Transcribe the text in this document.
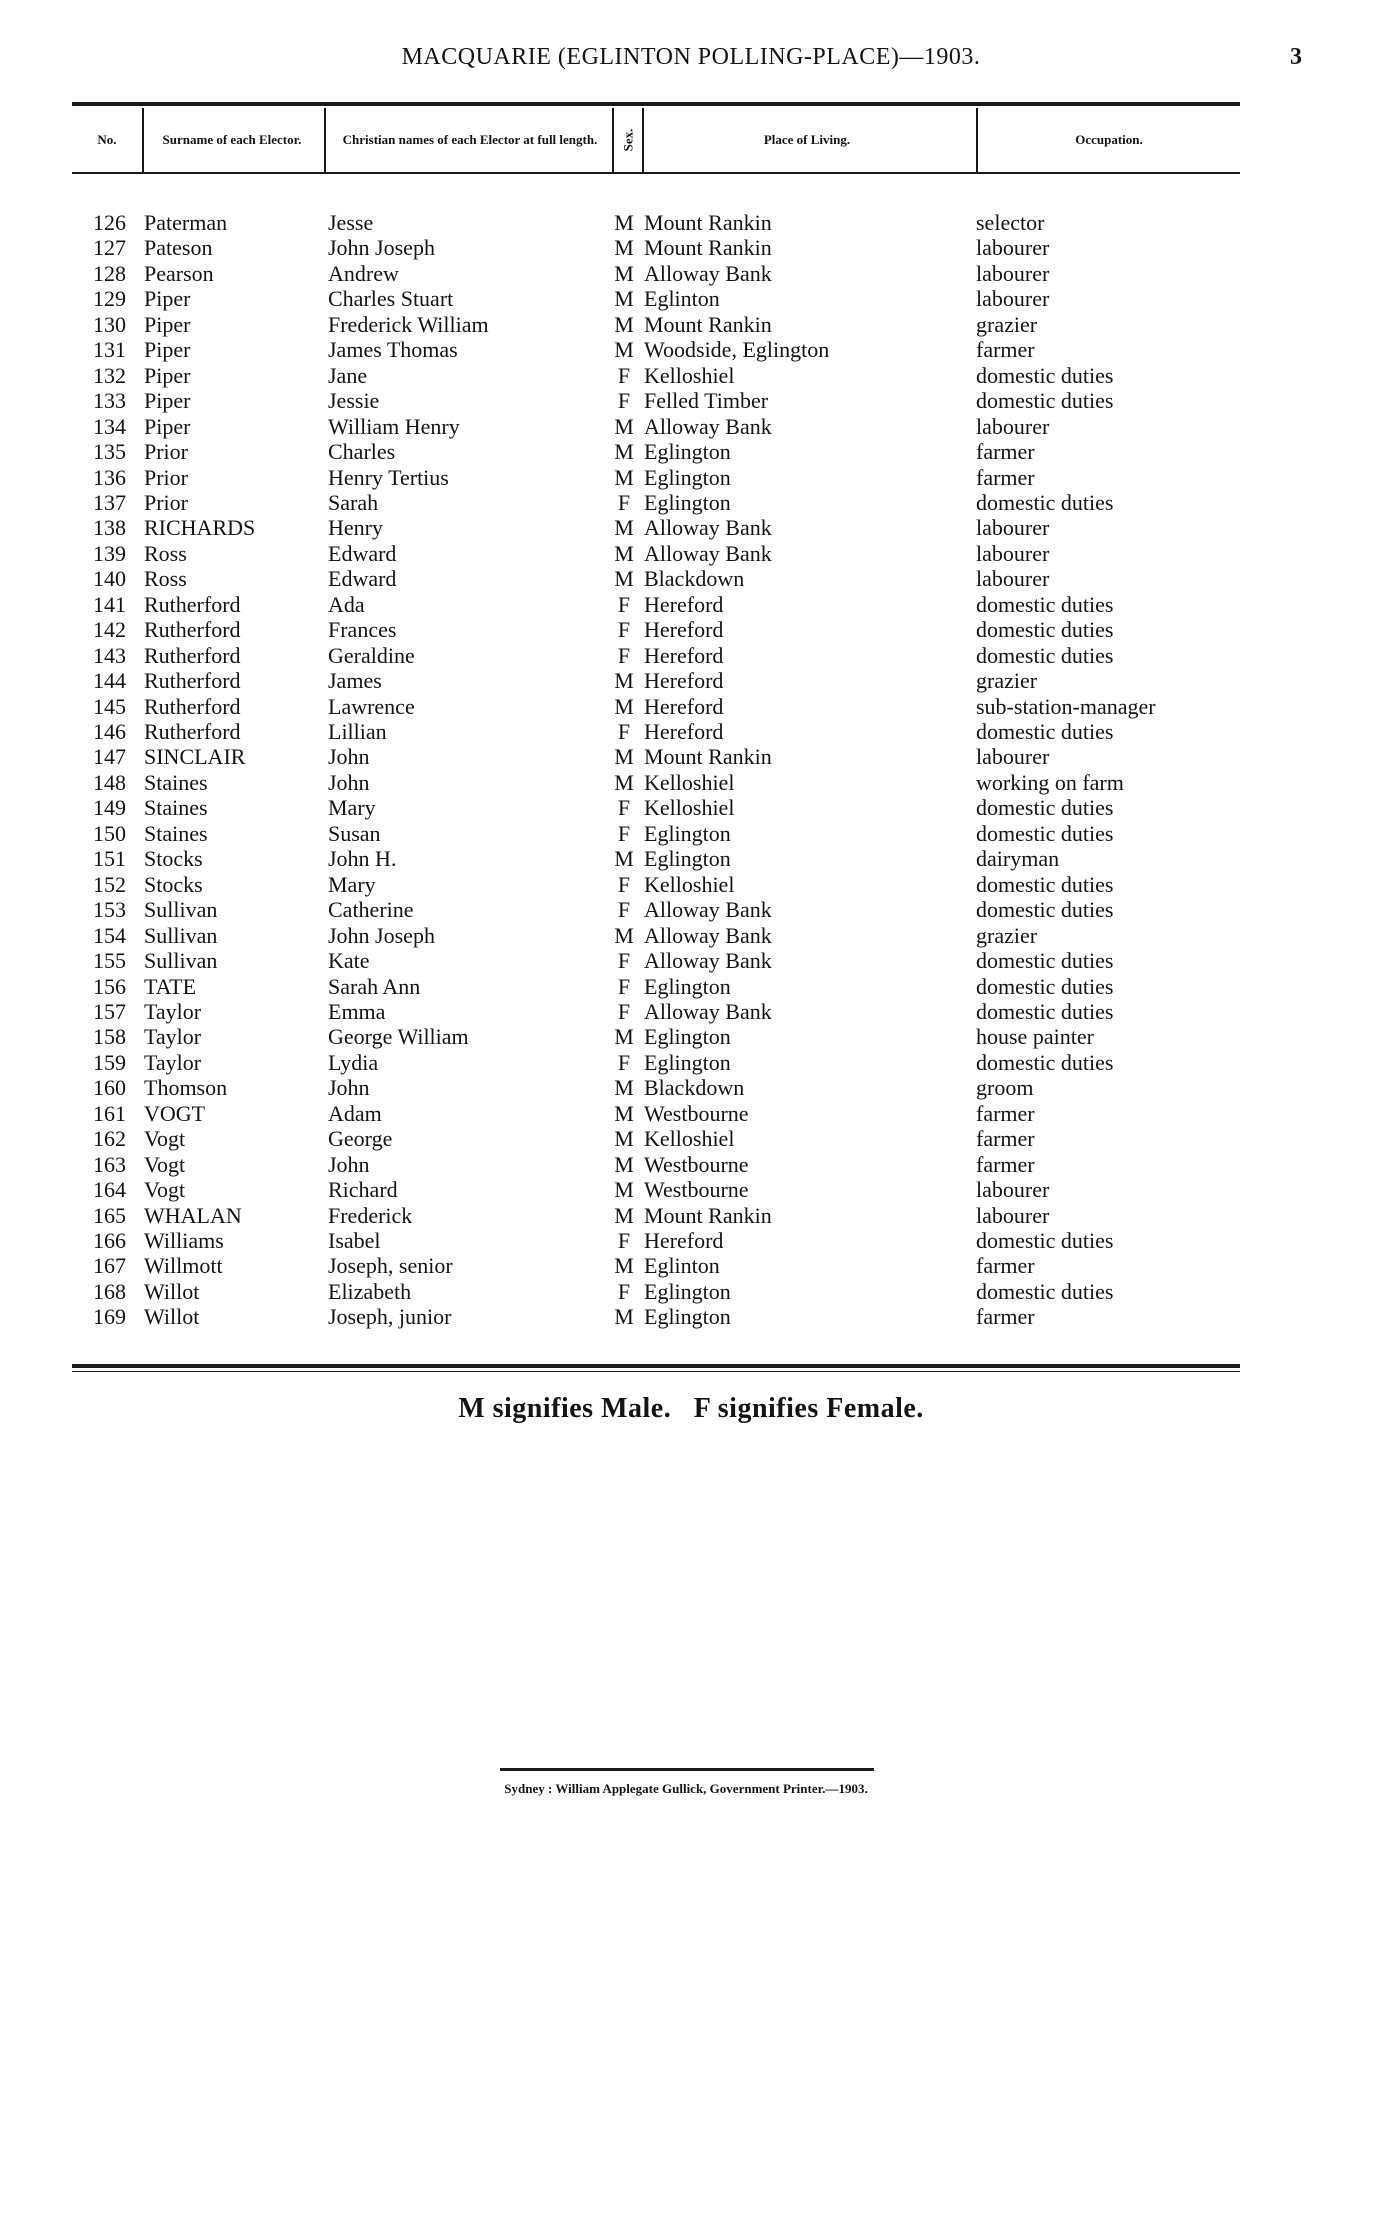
MACQUARIE (EGLINTON POLLING-PLACE)—1903.	3
No.	Surname of each Elector.	Christian names of each Elector at full length.	Sex.	Place of Living.	Occupation.
126 Paterman	Jesse	M Mount Rankin	selector
127 Pateson	John Joseph	M Mount Rankin	labourer
128 Pearson	Andrew	M Alloway Bank	labourer
129 Piper	Charles Stuart	M Eglinton	labourer
130 Piper	Frederick William	M Mount Rankin	grazier
131 Piper	James Thomas	M Woodside, Eglington	farmer
132 Piper	Jane	F Kelloshiel	domestic duties
133 Piper	Jessie	F Felled Timber	domestic duties
134 Piper	William Henry	M Alloway Bank	labourer
135 Prior	Charles	M Eglington	farmer
136 Prior	Henry Tertius	M Eglington	farmer
137 Prior	Sarah	F Eglington	domestic duties
138 RICHARDS	Henry	M Alloway Bank	labourer
139 Ross	Edward	M Alloway Bank	labourer
140 Ross	Edward	M Blackdown	labourer
141 Rutherford	Ada	F Hereford	domestic duties
142 Rutherford	Frances	F Hereford	domestic duties
143 Rutherford	Geraldine	F Hereford	domestic duties
144 Rutherford	James	M Hereford	grazier
145 Rutherford	Lawrence	M Hereford	sub-station-manager
146 Rutherford	Lillian	F Hereford	domestic duties
147 SINCLAIR	John	M Mount Rankin	labourer
148 Staines	John	M Kelloshiel	working on farm
149 Staines	Mary	F Kelloshiel	domestic duties
150 Staines	Susan	F Eglington	domestic duties
151 Stocks	John H.	M Eglington	dairyman
152 Stocks	Mary	F Kelloshiel	domestic duties
153 Sullivan	Catherine	F Alloway Bank	domestic duties
154 Sullivan	John Joseph	M Alloway Bank	grazier
155 Sullivan	Kate	F Alloway Bank	domestic duties
156 TATE	Sarah Ann	F Eglington	domestic duties
157 Taylor	Emma	F Alloway Bank	domestic duties
158 Taylor	George William	M Eglington	house painter
159 Taylor	Lydia	F Eglington	domestic duties
160 Thomson	John	M Blackdown	groom
161 VOGT	Adam	M Westbourne	farmer
162 Vogt	George	M Kelloshiel	farmer
163 Vogt	John	M Westbourne	farmer
164 Vogt	Richard	M Westbourne	labourer
165 WHALAN	Frederick	M Mount Rankin	labourer
166 Williams	Isabel	F Hereford	domestic duties
167 Willmott	Joseph, senior	M Eglinton	farmer
168 Willot	Elizabeth	F Eglington	domestic duties
169 Willot	Joseph, junior	M Eglington	farmer
M signifies Male.   F signifies Female.
Sydney : William Applegate Gullick, Government Printer.—1903.
